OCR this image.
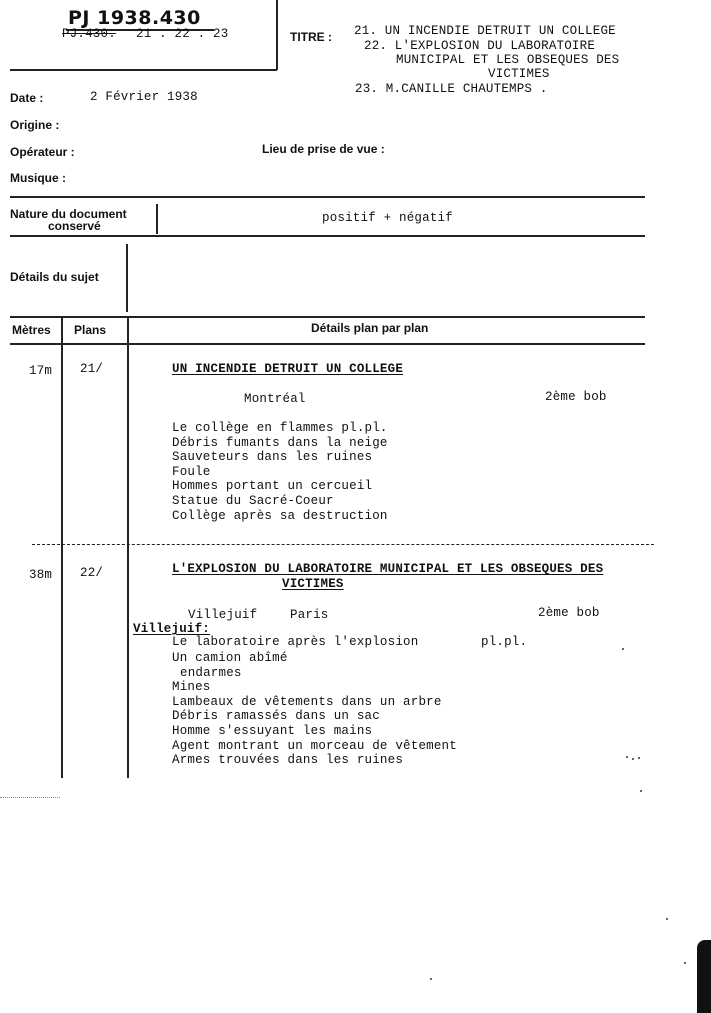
PJ 1938.430
PJ.430. 21 . 22 . 23	TITRE : 21. UN INCENDIE DETRUIT UN COLLEGE
22. L'EXPLOSION DU LABORATOIRE
MUNICIPAL ET LES OBSEQUES DES
VICTIMES
23. M.CANILLE CHAUTEMPS .
Date :	2 Février 1938
Origine :
Opérateur :	Lieu de prise de vue :
Musique :
Nature du document
conservé
positif + négatif
Détails du sujet
Mètres Plans	Détails plan par plan
17m 21/	UN INCENDIE DETRUIT UN COLLEGE
Montréal	2ème bob
Le collège en flammes pl.pl.
Débris fumants dans la neige
Sauveteurs dans les ruines
Foule
Hommes portant un cercueil
Statue du Sacré-Coeur
Collège après sa destruction
38m 22/	L'EXPLOSION DU LABORATOIRE MUNICIPAL ET LES OBSEQUES DES
VICTIMES
Villejuif	Paris	2ème bob
Villejuif:
Le laboratoire après l'explosion	pl.pl.
Un camion abîmé
endarmes
Mines
Lambeaux de vêtements dans un arbre
Débris ramassés dans un sac
Homme s'essuyant les mains
Agent montrant un morceau de vêtement
Armes trouvées dans les ruines
